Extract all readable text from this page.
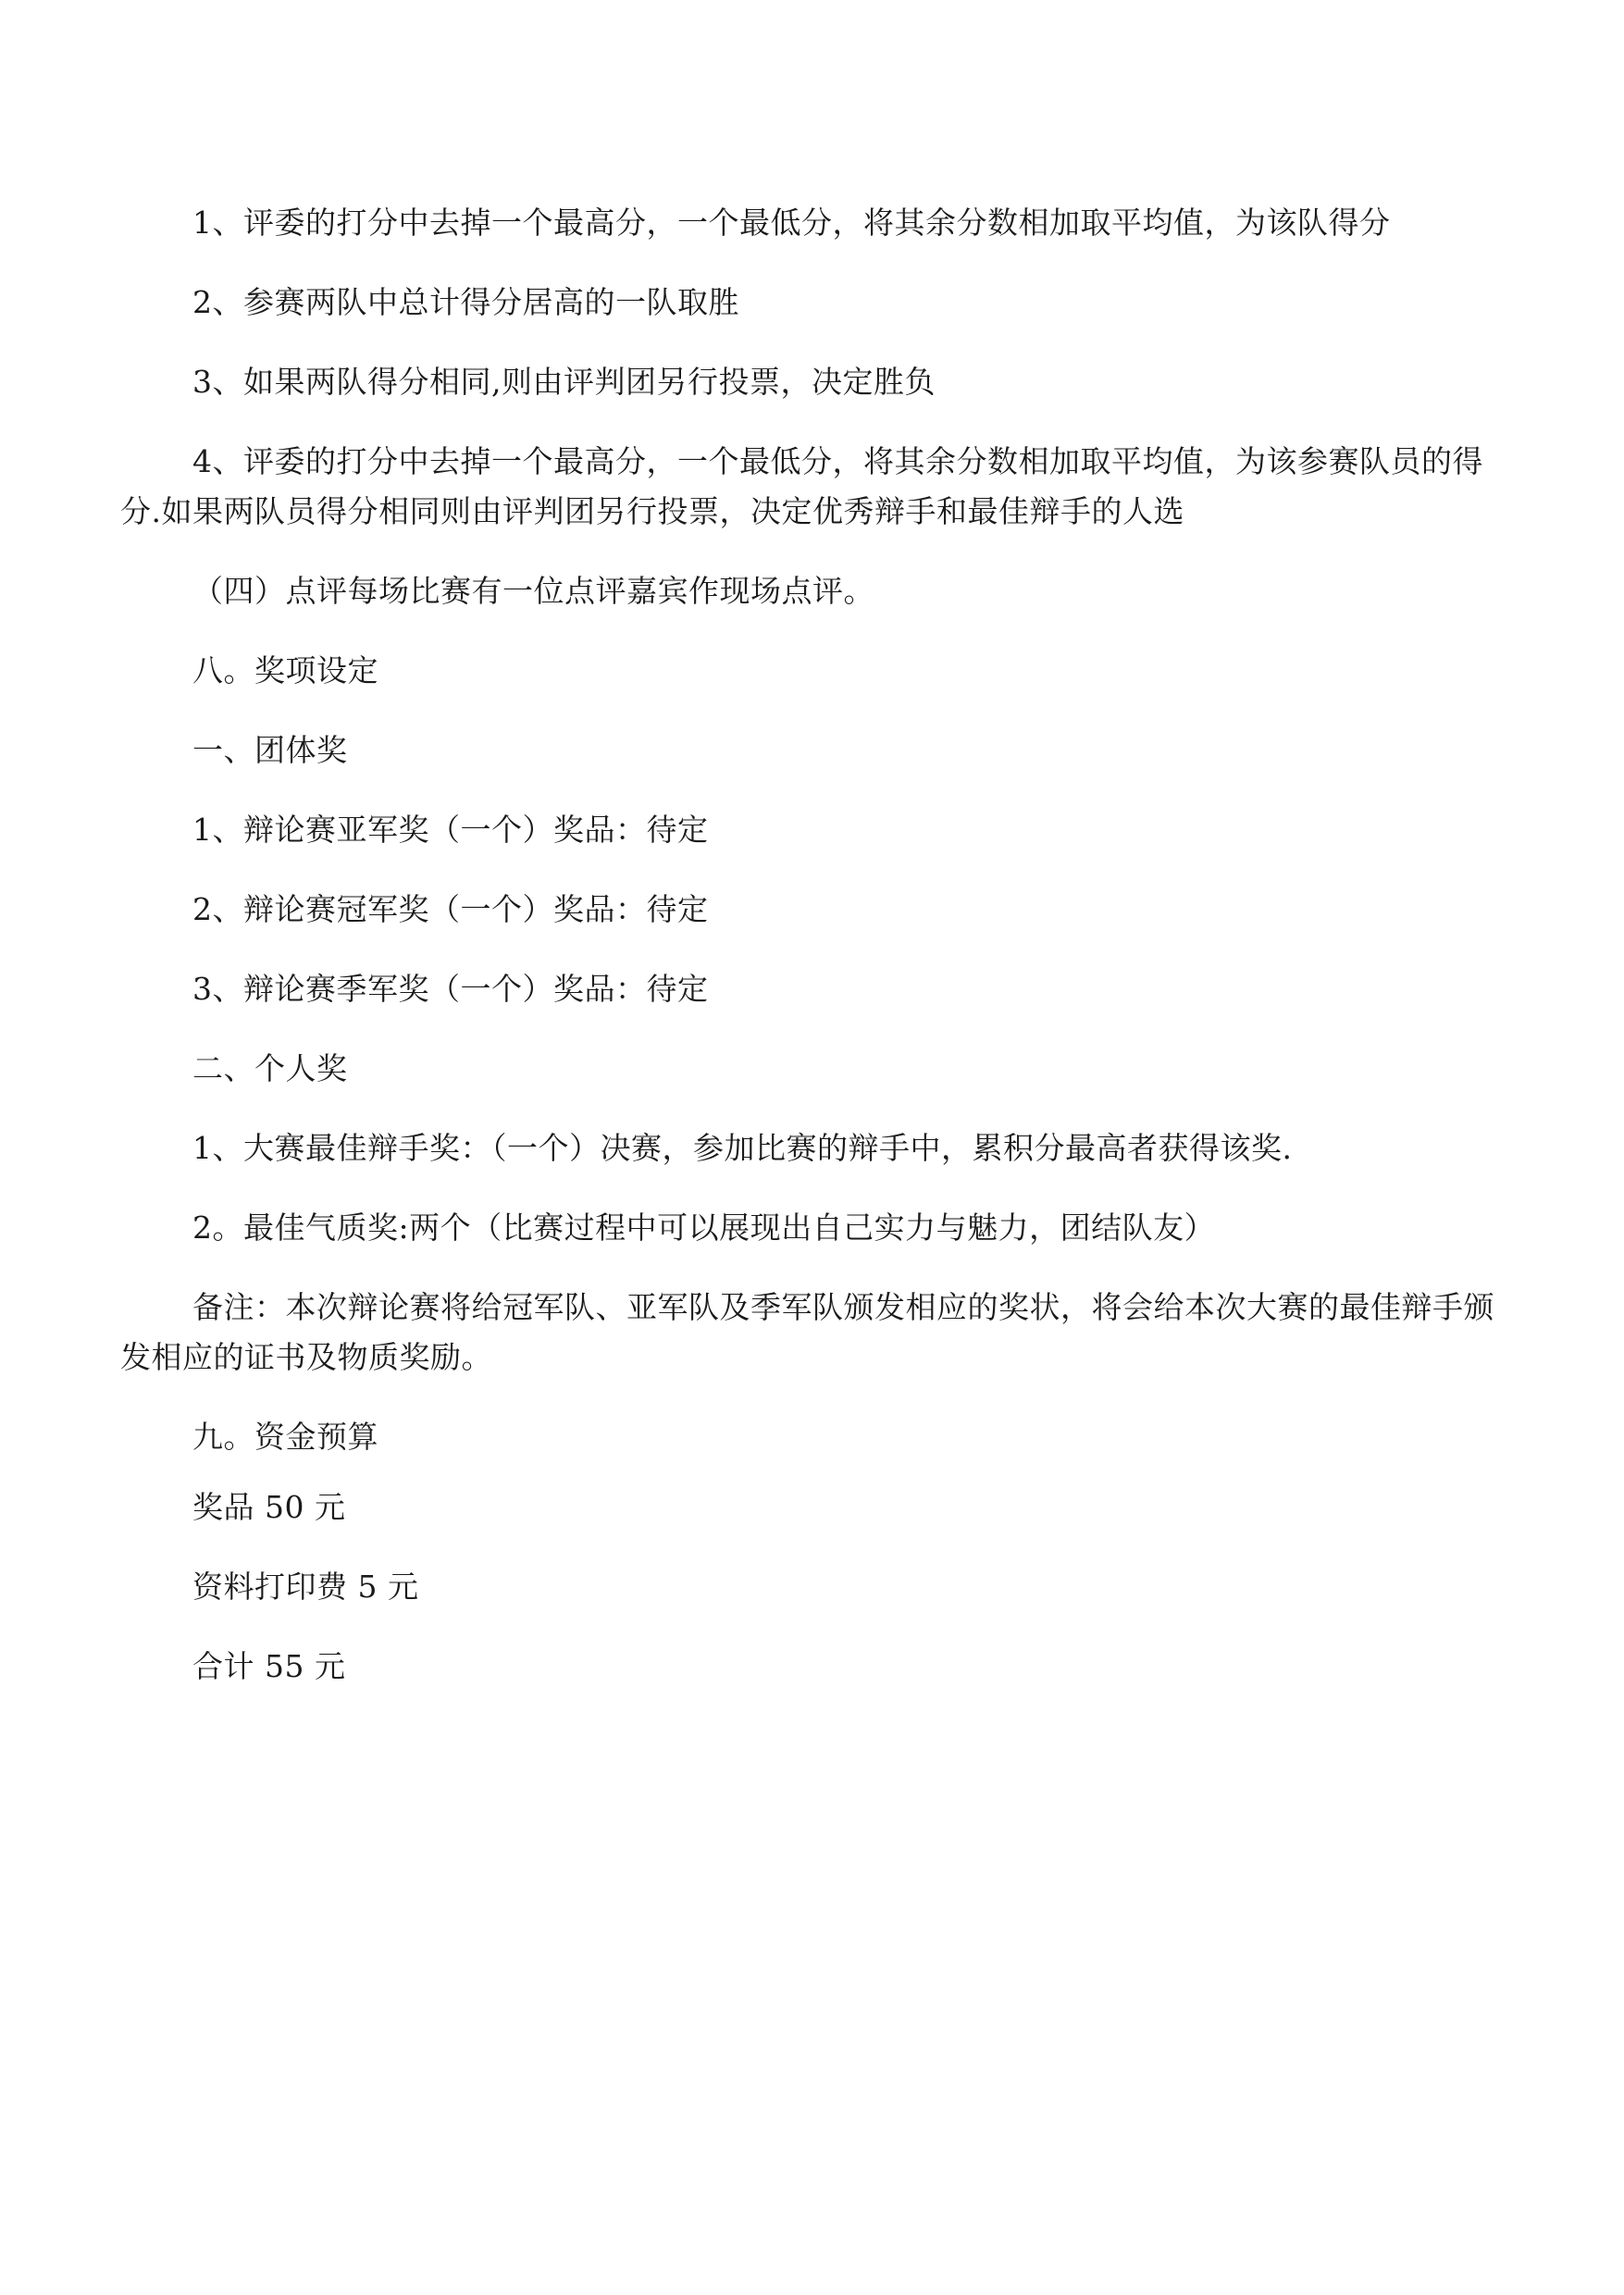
1、评委的打分中去掉一个最高分，一个最低分，将其余分数相加取平均值，为该队得分

2、参赛两队中总计得分居高的一队取胜

3、如果两队得分相同,则由评判团另行投票，决定胜负

4、评委的打分中去掉一个最高分，一个最低分，将其余分数相加取平均值，为该参赛队员的得分.如果两队员得分相同则由评判团另行投票，决定优秀辩手和最佳辩手的人选

（四）点评每场比赛有一位点评嘉宾作现场点评。

八。奖项设定

一、团体奖

1、辩论赛亚军奖（一个）奖品：待定

2、辩论赛冠军奖（一个）奖品：待定

3、辩论赛季军奖（一个）奖品：待定

二、个人奖

1、大赛最佳辩手奖：（一个）决赛，参加比赛的辩手中，累积分最高者获得该奖.

2。最佳气质奖:两个（比赛过程中可以展现出自己实力与魅力，团结队友）

备注：本次辩论赛将给冠军队、亚军队及季军队颁发相应的奖状，将会给本次大赛的最佳辩手颁发相应的证书及物质奖励。

九。资金预算

奖品 50 元

资料打印费 5 元

合计 55 元
